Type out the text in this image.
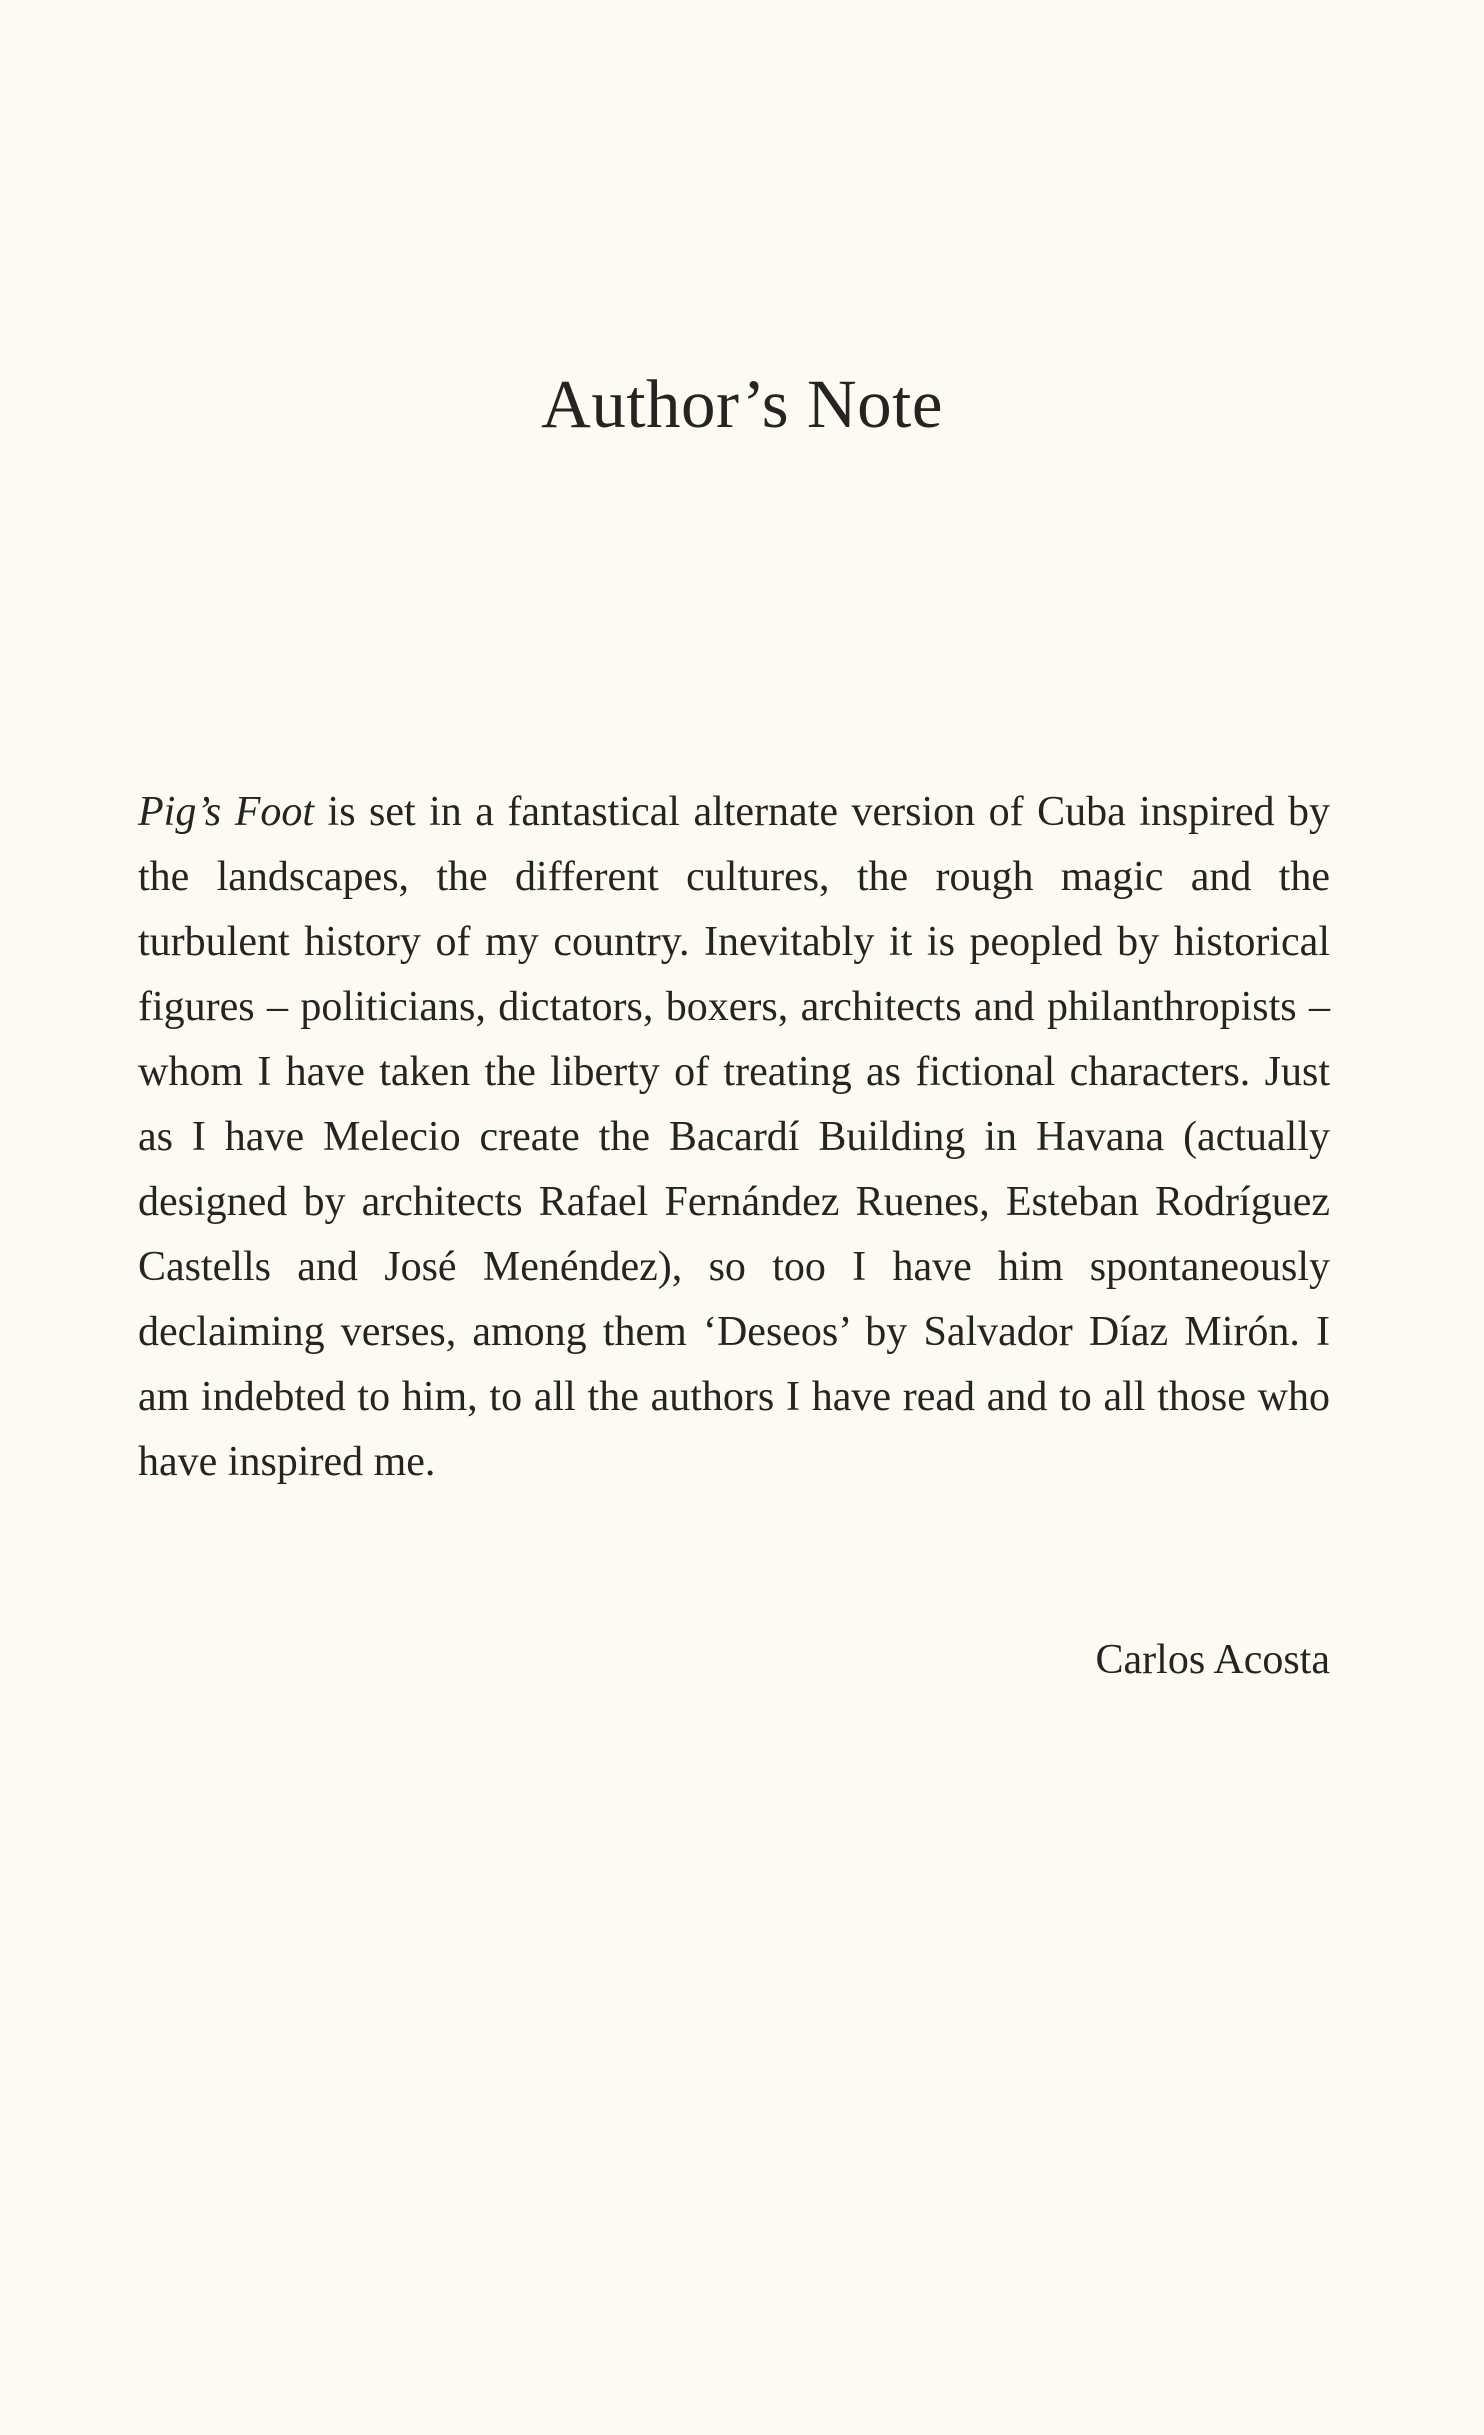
Author’s Note

Pig’s Foot is set in a fantastical alternate version of Cuba inspired by the landscapes, the different cultures, the rough magic and the turbulent history of my country. Inevitably it is peopled by historical figures – politicians, dictators, boxers, architects and philanthropists – whom I have taken the liberty of treating as fictional characters. Just as I have Melecio create the Bacardí Building in Havana (actually designed by architects Rafael Fernández Ruenes, Esteban Rodríguez Castells and José Menéndez), so too I have him spontaneously declaiming verses, among them ‘Deseos’ by Salvador Díaz Mirón. I am indebted to him, to all the authors I have read and to all those who have inspired me.

Carlos Acosta
